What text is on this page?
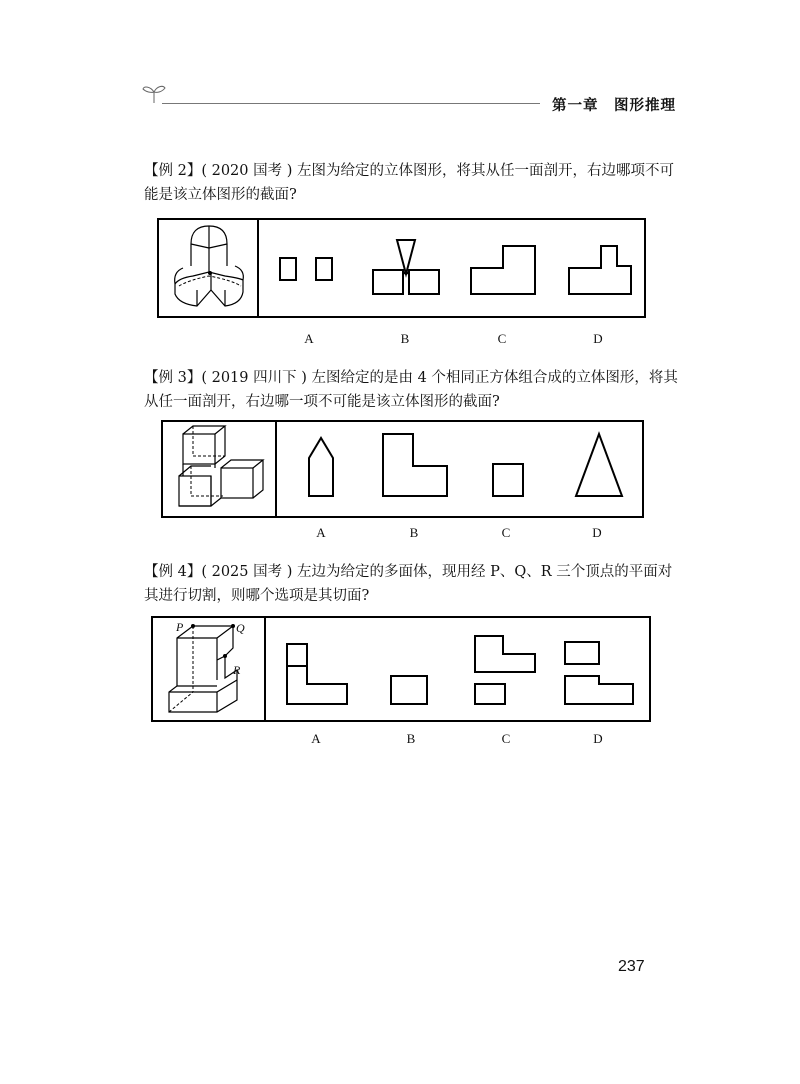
第一章　图形推理
【例 2】( 2020 国考 ) 左图为给定的立体图形，将其从任一面剖开，右边哪项不可能是该立体图形的截面?
A	B	C	D
【例 3】( 2019 四川下 ) 左图给定的是由 4 个相同正方体组合成的立体图形，将其从任一面剖开，右边哪一项不可能是该立体图形的截面?
A	B	C	D
【例 4】( 2025 国考 ) 左边为给定的多面体，现用经 P、Q、R 三个顶点的平面对其进行切割，则哪个选项是其切面?
P	Q
R
A	B	C	D
237
